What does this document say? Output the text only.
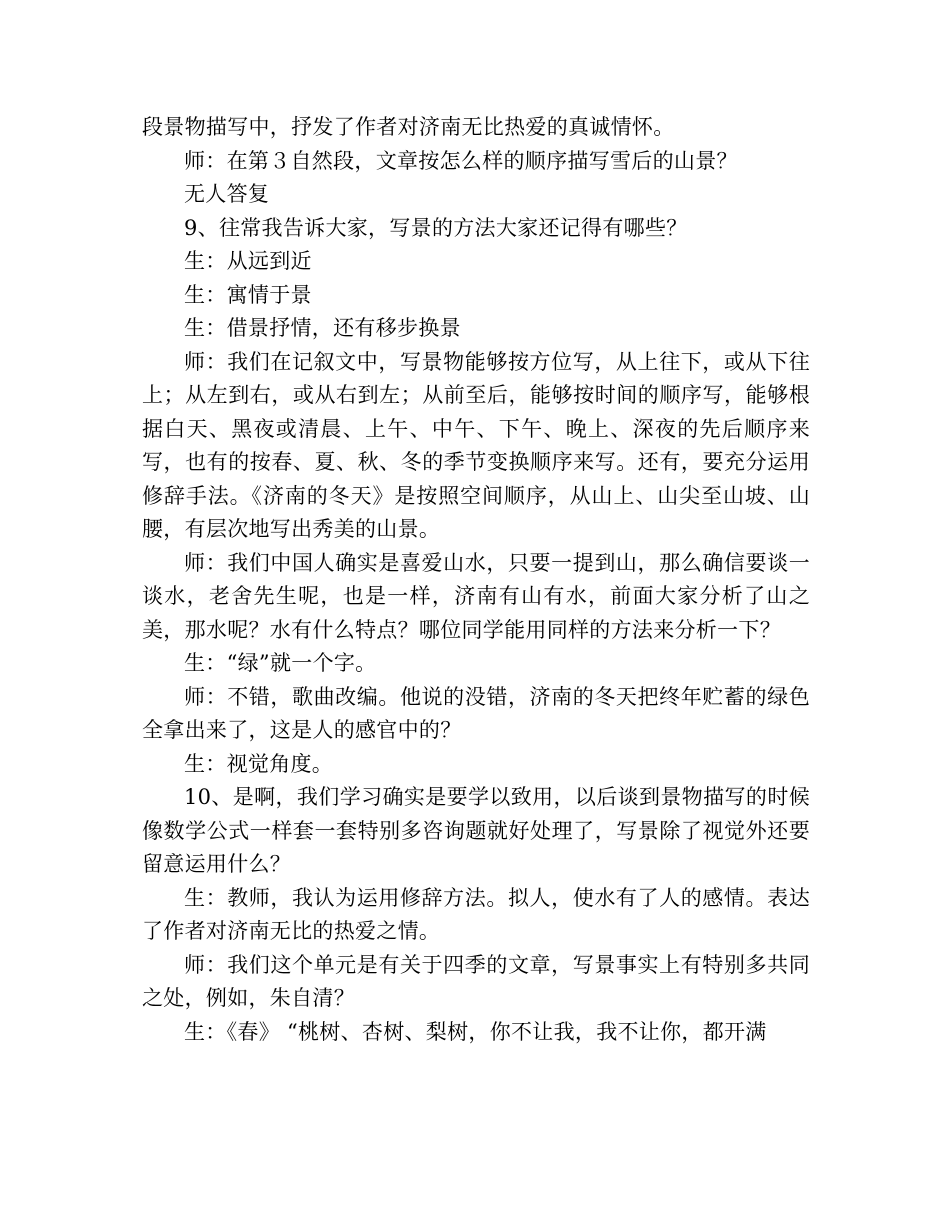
段景物描写中，抒发了作者对济南无比热爱的真诚情怀。

师：在第３自然段，文章按怎么样的顺序描写雪后的山景？

无人答复

9、往常我告诉大家，写景的方法大家还记得有哪些？

生：从远到近

生：寓情于景

生：借景抒情，还有移步换景

师：我们在记叙文中，写景物能够按方位写，从上往下，或从下往上；从左到右，或从右到左；从前至后，能够按时间的顺序写，能够根据白天、黑夜或清晨、上午、中午、下午、晚上、深夜的先后顺序来写，也有的按春、夏、秋、冬的季节变换顺序来写。还有，要充分运用修辞手法。《济南的冬天》是按照空间顺序，从山上、山尖至山坡、山腰，有层次地写出秀美的山景。

师：我们中国人确实是喜爱山水，只要一提到山，那么确信要谈一谈水，老舍先生呢，也是一样，济南有山有水，前面大家分析了山之美，那水呢？水有什么特点？哪位同学能用同样的方法来分析一下？

生：“绿”就一个字。

师：不错，歌曲改编。他说的没错，济南的冬天把终年贮蓄的绿色全拿出来了，这是人的感官中的？

生：视觉角度。

10、是啊，我们学习确实是要学以致用，以后谈到景物描写的时候像数学公式一样套一套特别多咨询题就好处理了，写景除了视觉外还要留意运用什么？

生：教师，我认为运用修辞方法。拟人，使水有了人的感情。表达了作者对济南无比的热爱之情。

师：我们这个单元是有关于四季的文章，写景事实上有特别多共同之处，例如，朱自清？

生：《春》 “桃树、杏树、梨树，你不让我，我不让你，都开满
